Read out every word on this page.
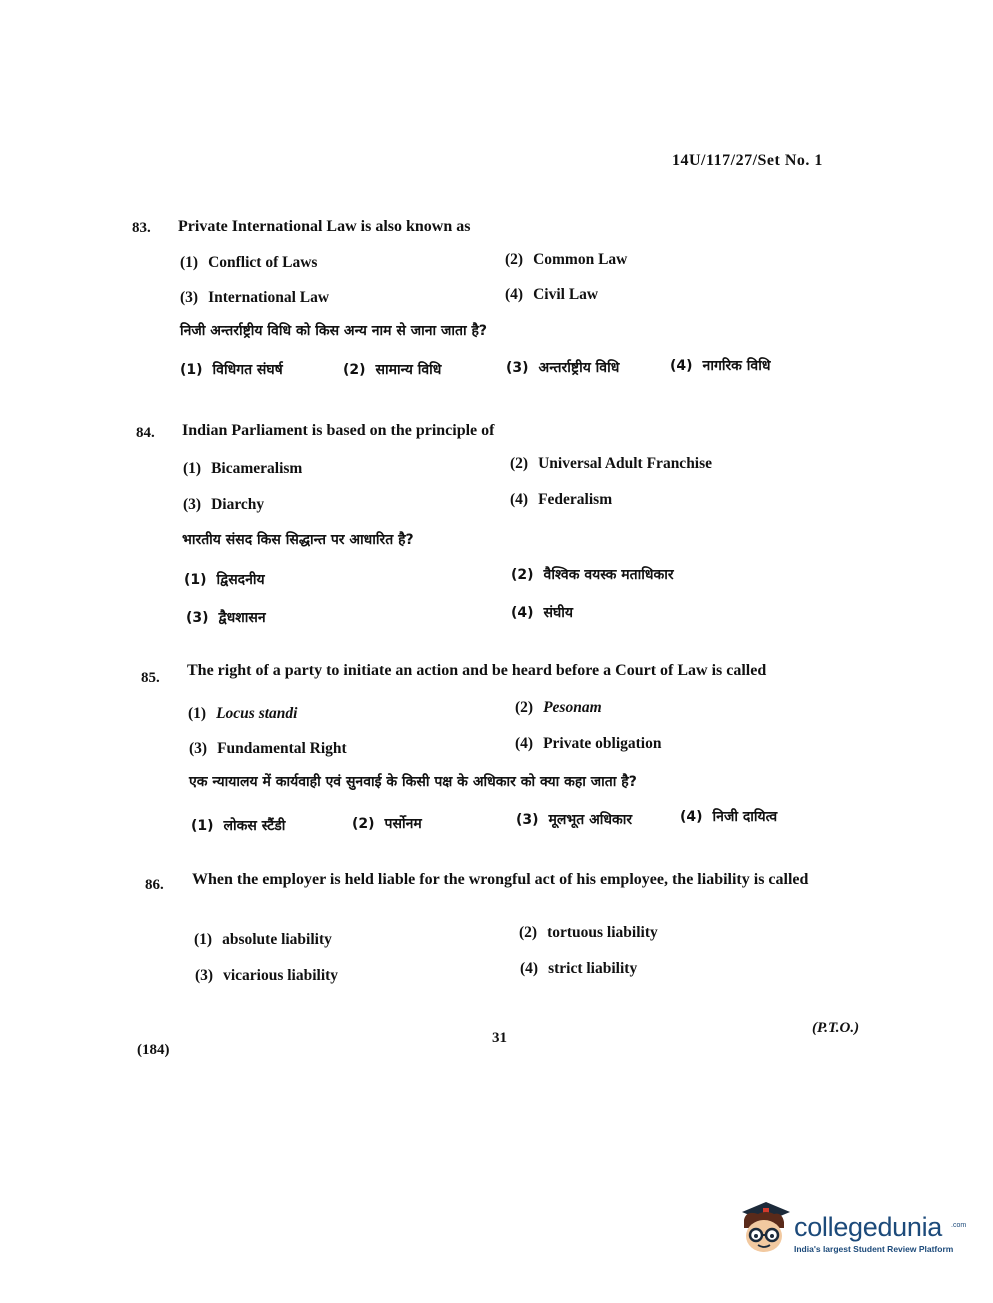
14U/117/27/Set No. 1
83. Private International Law is also known as
(1) Conflict of Laws	(2) Common Law
(3) International Law	(4) Civil Law
निजी अन्तर्राष्ट्रीय विधि को किस अन्य नाम से जाना जाता है?
(1) विधिगत संघर्ष	(2) सामान्य विधि	(3) अन्तर्राष्ट्रीय विधि	(4) नागरिक विधि
84. Indian Parliament is based on the principle of
(1) Bicameralism	(2) Universal Adult Franchise
(3) Diarchy	(4) Federalism
भारतीय संसद किस सिद्धान्त पर आधारित है?
(1) द्विसदनीय	(2) वैश्विक वयस्क मताधिकार
(3) द्वैधशासन	(4) संघीय
85. The right of a party to initiate an action and be heard before a Court of Law is called
(1) Locus standi	(2) Pesonam
(3) Fundamental Right	(4) Private obligation
एक न्यायालय में कार्यवाही एवं सुनवाई के किसी पक्ष के अधिकार को क्या कहा जाता है?
(1) लोकस स्टैंडी	(2) पर्सोनम	(3) मूलभूत अधिकार	(4) निजी दायित्व
86. When the employer is held liable for the wrongful act of his employee, the liability is called
(1) absolute liability	(2) tortuous liability
(3) vicarious liability	(4) strict liability
(184)
31
(P.T.O.)
collegedunia .com
India's largest Student Review Platform
